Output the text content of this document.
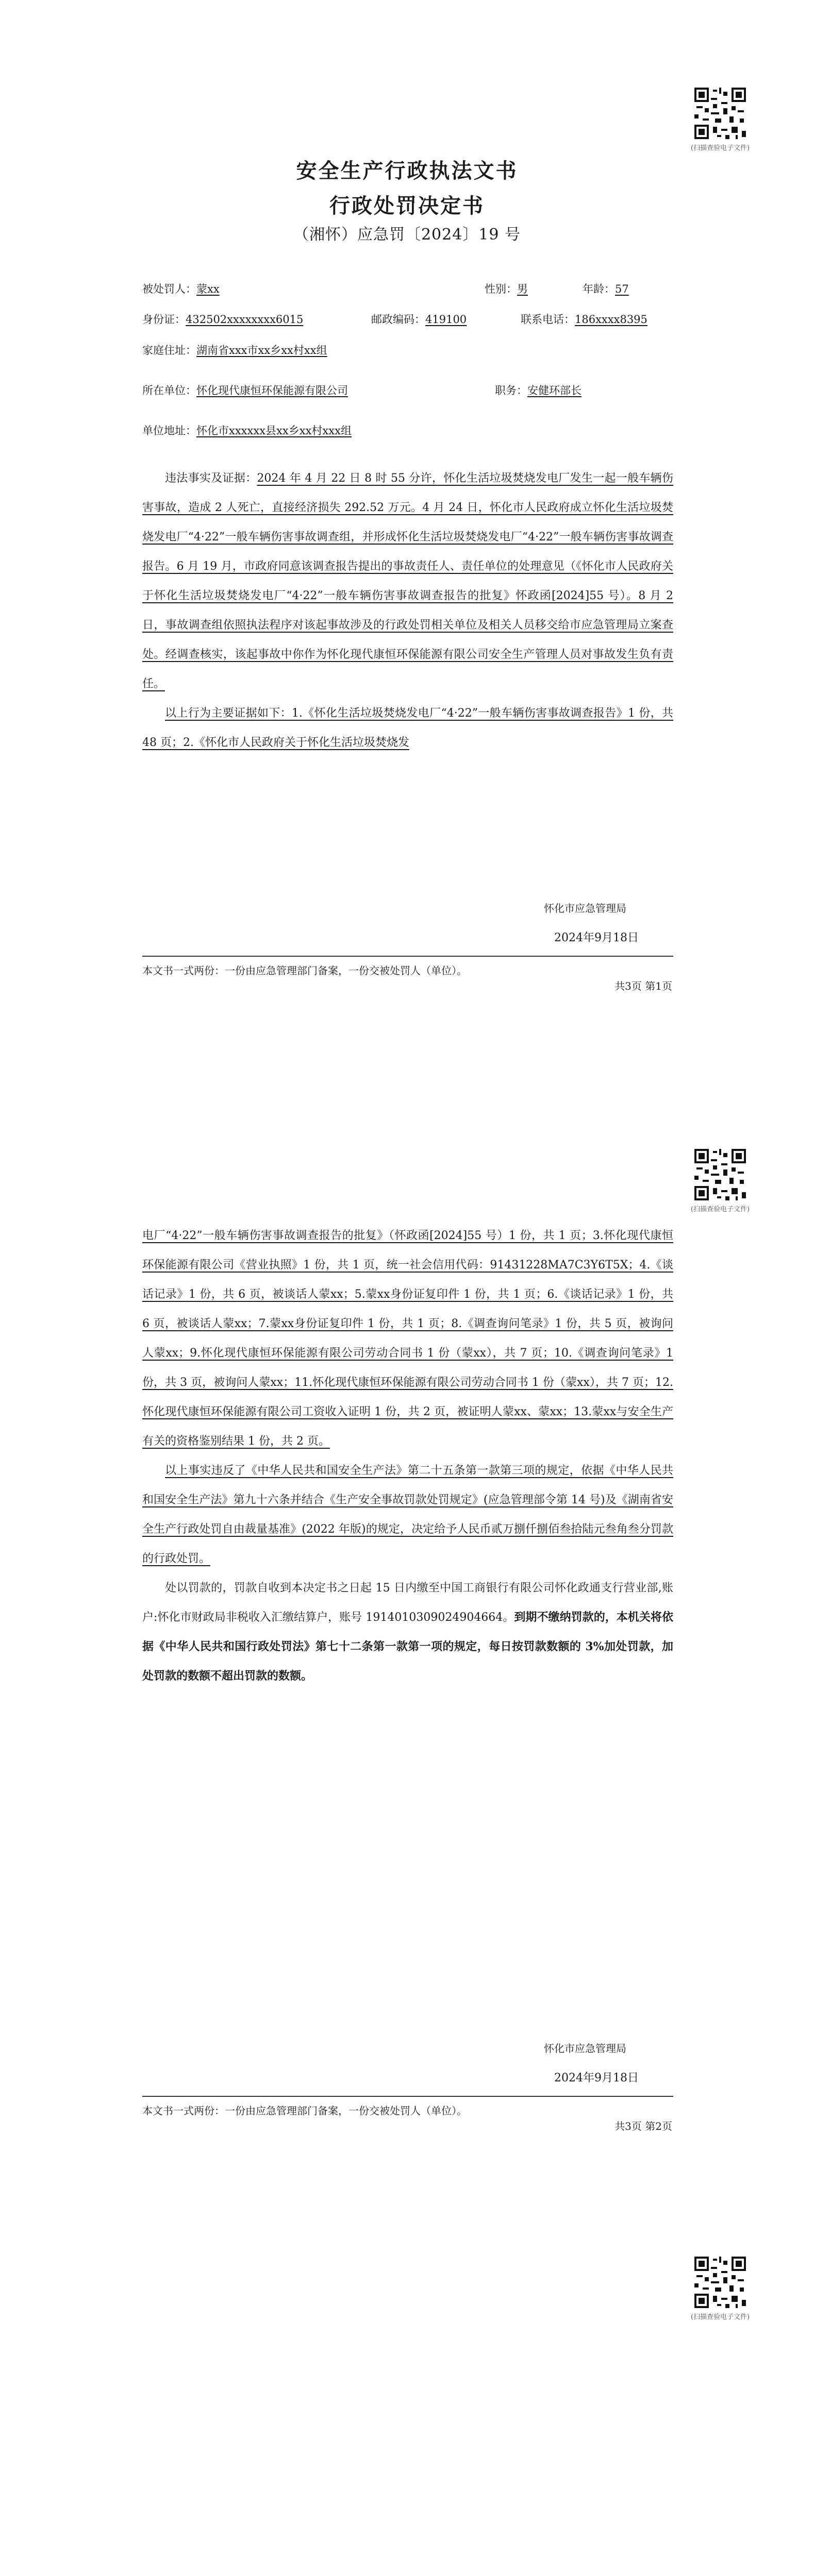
(扫描查验电子文件)
安全生产行政执法文书
行政处罚决定书
（湘怀）应急罚〔2024〕19 号
被处罚人：蒙xx	性别：男	年龄：57
身份证：432502xxxxxxxx6015	邮政编码：419100	联系电话：186xxxx8395
家庭住址：湖南省xxx市xx乡xx村xx组
所在单位：怀化现代康恒环保能源有限公司	职务：安健环部长
单位地址：怀化市xxxxxx县xx乡xx村xxx组

违法事实及证据：2024 年 4 月 22 日 8 时 55 分许，怀化生活垃圾焚烧发电厂发生一起一般车辆伤害事故，造成 2 人死亡，直接经济损失 292.52 万元。4 月 24 日，怀化市人民政府成立怀化生活垃圾焚烧发电厂“4·22”一般车辆伤害事故调查组，并形成怀化生活垃圾焚烧发电厂“4·22”一般车辆伤害事故调查报告。6 月 19 月，市政府同意该调查报告提出的事故责任人、责任单位的处理意见（《怀化市人民政府关于怀化生活垃圾焚烧发电厂“4·22”一般车辆伤害事故调查报告的批复》怀政函[2024]55 号）。8 月 2 日，事故调查组依照执法程序对该起事故涉及的行政处罚相关单位及相关人员移交给市应急管理局立案查处。经调查核实，该起事故中你作为怀化现代康恒环保能源有限公司安全生产管理人员对事故发生负有责任。

以上行为主要证据如下：1.《怀化生活垃圾焚烧发电厂“4·22”一般车辆伤害事故调查报告》1 份，共 48 页；2.《怀化市人民政府关于怀化生活垃圾焚烧发

怀化市应急管理局
2024年9月18日
本文书一式两份：一份由应急管理部门备案，一份交被处罚人（单位）。
共3页 第1页
(扫描查验电子文件)

电厂“4·22”一般车辆伤害事故调查报告的批复》（怀政函[2024]55 号）1 份，共 1 页；3.怀化现代康恒环保能源有限公司《营业执照》1 份，共 1 页，统一社会信用代码：91431228MA7C3Y6T5X；4.《谈话记录》1 份，共 6 页，被谈话人蒙xx；5.蒙xx身份证复印件 1 份，共 1 页；6.《谈话记录》1 份，共 6 页，被谈话人蒙xx；7.蒙xx身份证复印件 1 份，共 1 页；8.《调查询问笔录》1 份，共 5 页，被询问人蒙xx；9.怀化现代康恒环保能源有限公司劳动合同书 1 份（蒙xx），共 7 页；10.《调查询问笔录》1 份，共 3 页，被询问人蒙xx；11.怀化现代康恒环保能源有限公司劳动合同书 1 份（蒙xx），共 7 页；12.怀化现代康恒环保能源有限公司工资收入证明 1 份，共 2 页，被证明人蒙xx、蒙xx；13.蒙xx与安全生产有关的资格鉴别结果 1 份，共 2 页。

以上事实违反了《中华人民共和国安全生产法》第二十五条第一款第三项的规定，依据《中华人民共和国安全生产法》第九十六条并结合《生产安全事故罚款处罚规定》(应急管理部令第 14 号)及《湖南省安全生产行政处罚自由裁量基准》(2022 年版)的规定，决定给予人民币贰万捌仟捌佰叁拾陆元叁角叁分罚款的行政处罚。

处以罚款的，罚款自收到本决定书之日起 15 日内缴至中国工商银行有限公司怀化政通支行营业部,账户:怀化市财政局非税收入汇缴结算户，账号 1914010309024904664。到期不缴纳罚款的，本机关将依据《中华人民共和国行政处罚法》第七十二条第一款第一项的规定，每日按罚款数额的 3%加处罚款，加处罚款的数额不超出罚款的数额。

怀化市应急管理局
2024年9月18日
本文书一式两份：一份由应急管理部门备案，一份交被处罚人（单位）。
共3页 第2页
(扫描查验电子文件)
